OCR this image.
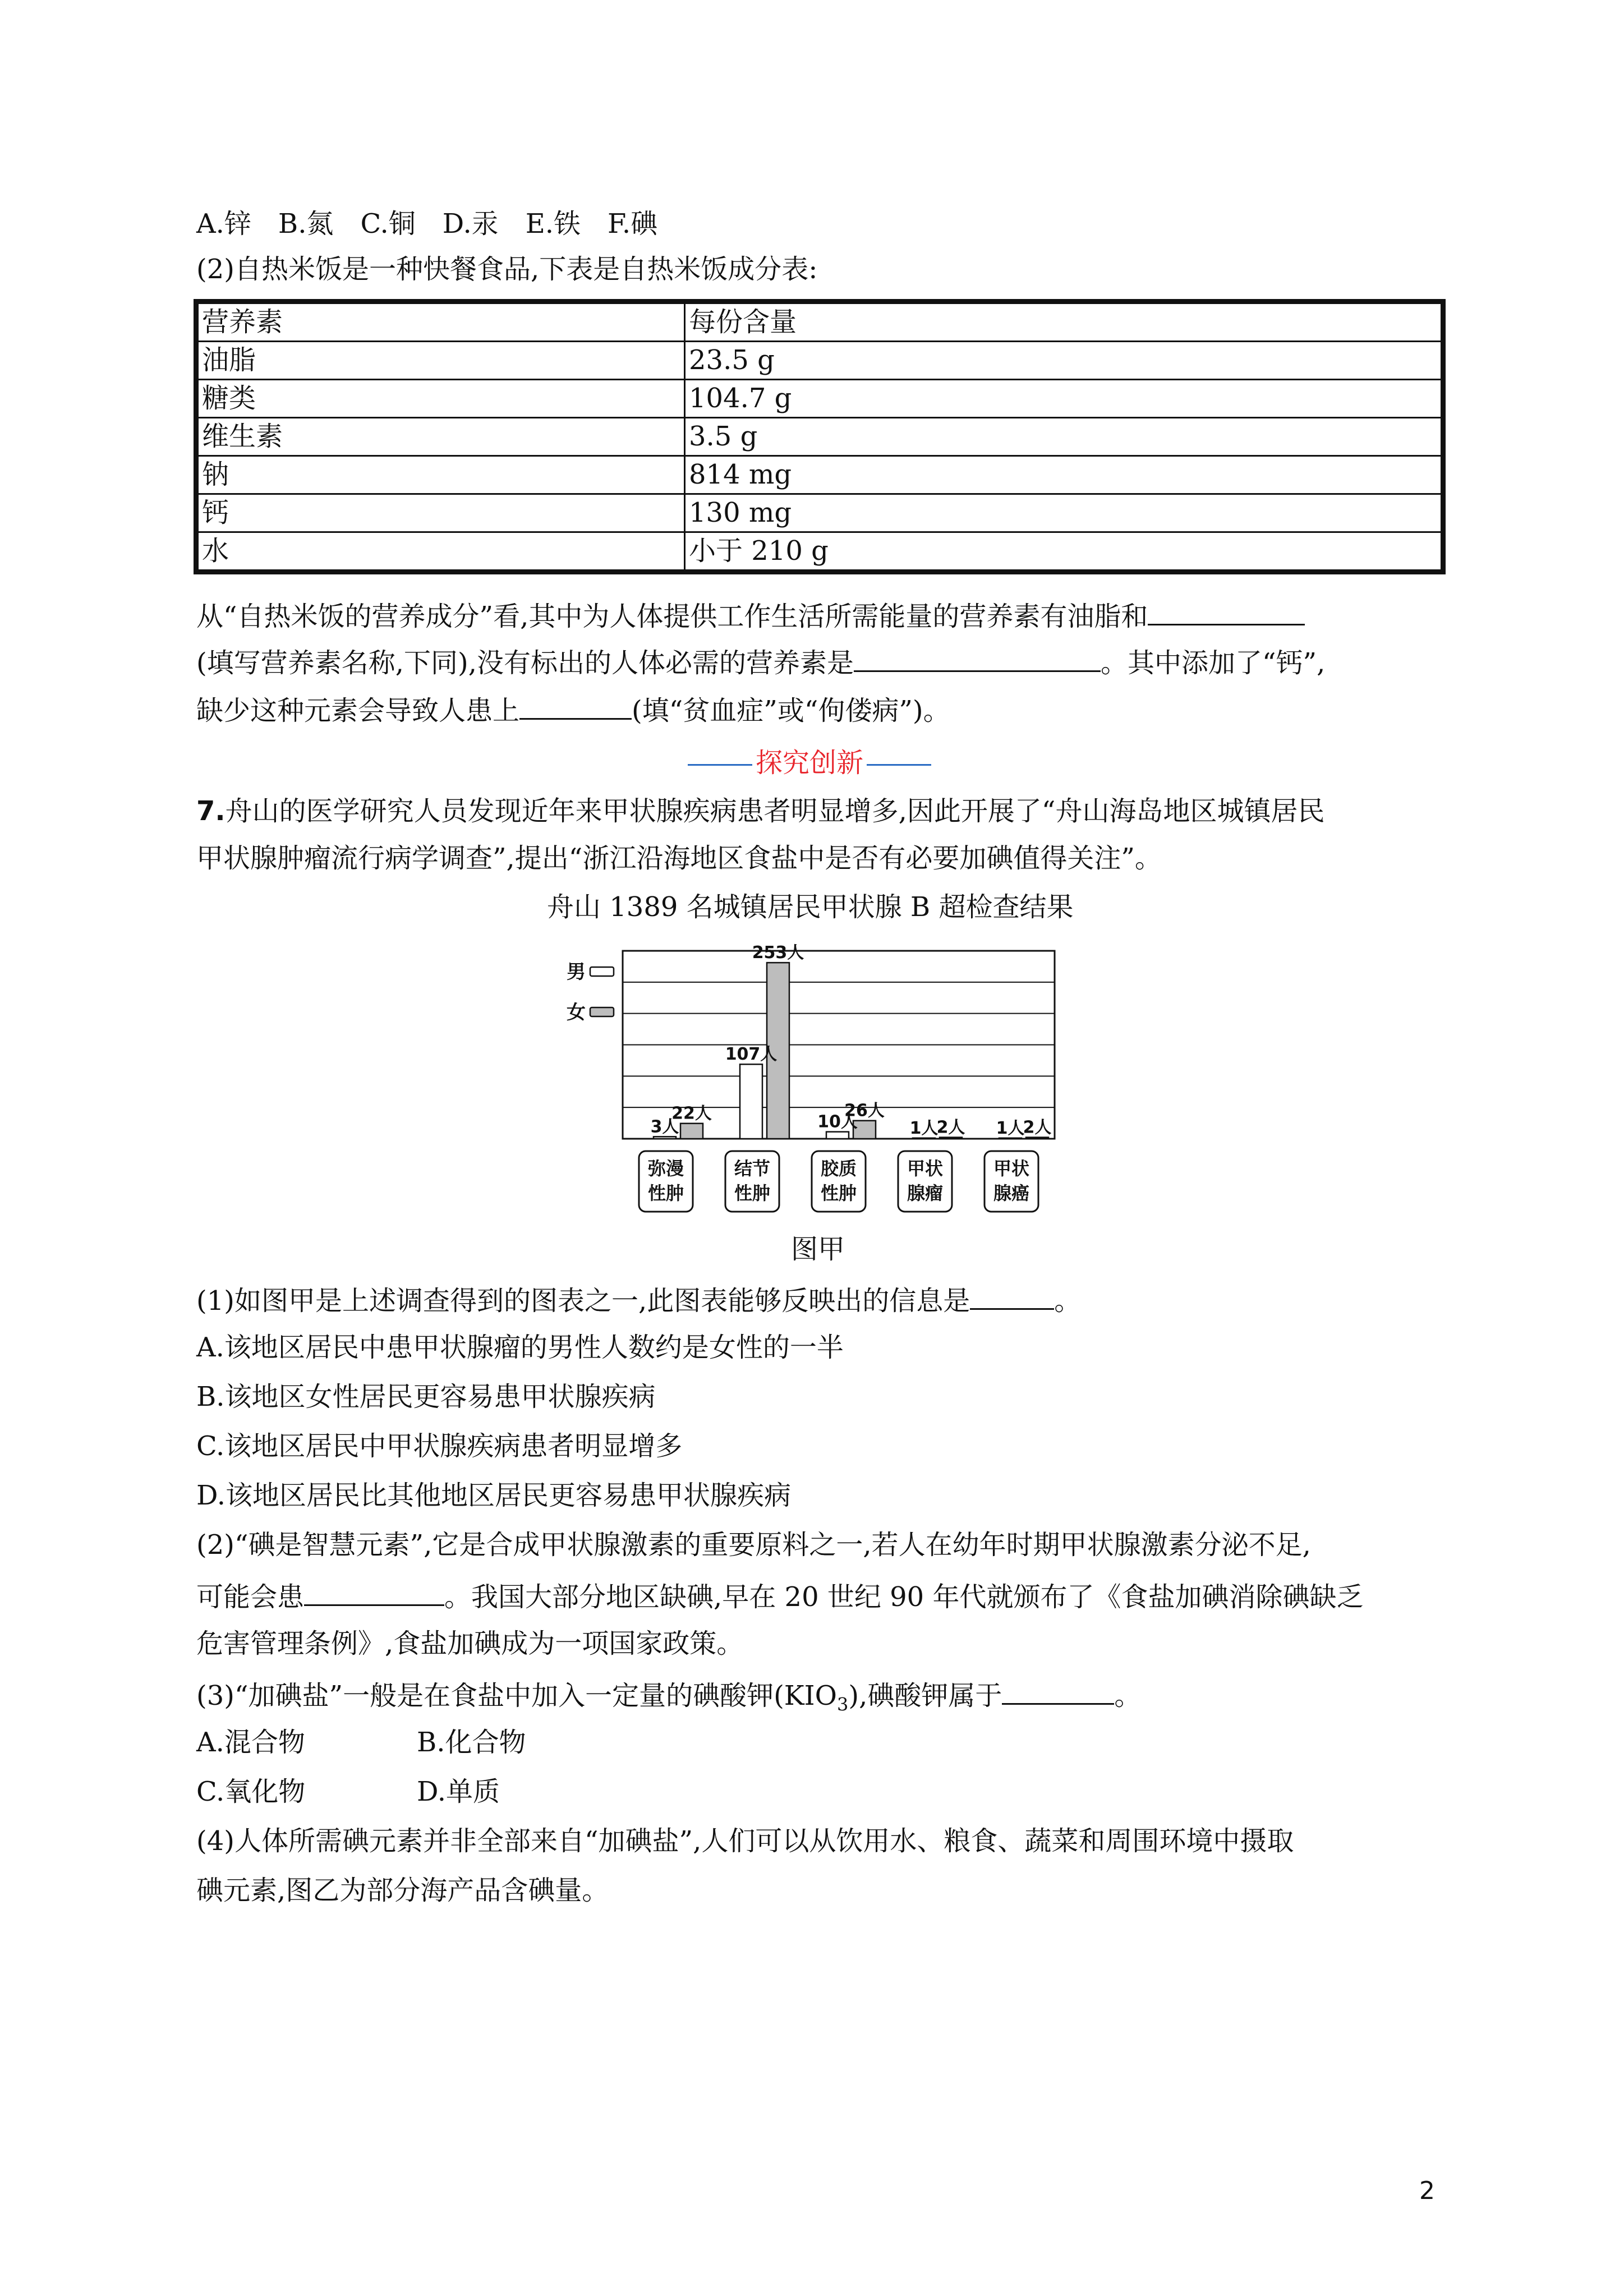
A.锌　B.氮　C.铜　D.汞　E.铁　F.碘
(2)自热米饭是一种快餐食品,下表是自热米饭成分表:
营养素	每份含量
油脂	23.5 g
糖类	104.7 g
维生素	3.5 g
钠	814 mg
钙	130 mg
水	小于 210 g
从“自热米饭的营养成分”看,其中为人体提供工作生活所需能量的营养素有油脂和
(填写营养素名称,下同),没有标出的人体必需的营养素是	。其中添加了“钙”,
缺少这种元素会导致人患上	(填“贫血症”或“佝偻病”)。
探究创新
7.舟山的医学研究人员发现近年来甲状腺疾病患者明显增多,因此开展了“舟山海岛地区城镇居民
甲状腺肿瘤流行病学调查”,提出“浙江沿海地区食盐中是否有必要加碘值得关注”。
舟山 1389 名城镇居民甲状腺 B 超检查结果
男
女
3人
22人
107人
253人
10人
26人
1人
2人 1人
2人
弥漫
性肿
结节
性肿
胶质
性肿
甲状
腺瘤
甲状
腺癌
图甲
(1)如图甲是上述调查得到的图表之一,此图表能够反映出的信息是	。
A.该地区居民中患甲状腺瘤的男性人数约是女性的一半
B.该地区女性居民更容易患甲状腺疾病
C.该地区居民中甲状腺疾病患者明显增多
D.该地区居民比其他地区居民更容易患甲状腺疾病
(2)“碘是智慧元素”,它是合成甲状腺激素的重要原料之一,若人在幼年时期甲状腺激素分泌不足,
可能会患	。我国大部分地区缺碘,早在 20 世纪 90 年代就颁布了《食盐加碘消除碘缺乏
危害管理条例》,食盐加碘成为一项国家政策。
(3)“加碘盐”一般是在食盐中加入一定量的碘酸钾$(KIO_3)$,碘酸钾属于	。
A.混合物	B.化合物
C.氧化物	D.单质
(4)人体所需碘元素并非全部来自“加碘盐”,人们可以从饮用水、粮食、蔬菜和周围环境中摄取
碘元素,图乙为部分海产品含碘量。
2
